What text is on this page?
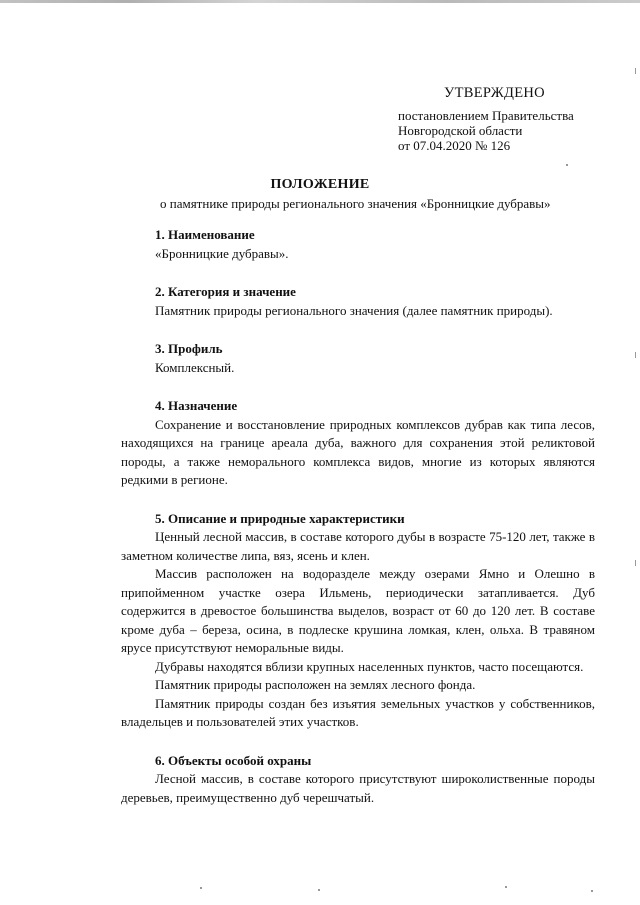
УТВЕРЖДЕНО
постановлением Правительства
Новгородской области
от 07.04.2020 № 126
ПОЛОЖЕНИЕ
о памятнике природы регионального значения «Бронницкие дубравы»
1. Наименование

«Бронницкие дубравы».

2. Категория и значение

Памятник природы регионального значения (далее памятник природы).

3. Профиль

Комплексный.

4. Назначение

Сохранение и восстановление природных комплексов дубрав как типа лесов, находящихся на границе ареала дуба, важного для сохранения этой реликтовой породы, а также неморального комплекса видов, многие из которых являются редкими в регионе.

5. Описание и природные характеристики

Ценный лесной массив, в составе которого дубы в возрасте 75-120 лет, также в заметном количестве липа, вяз, ясень и клен.

Массив расположен на водоразделе между озерами Ямно и Олешно в припойменном участке озера Ильмень, периодически затапливается. Дуб содержится в древостое большинства выделов, возраст от 60 до 120 лет. В составе кроме дуба – береза, осина, в подлеске крушина ломкая, клен, ольха. В травяном ярусе присутствуют неморальные виды.

Дубравы находятся вблизи крупных населенных пунктов, часто посещаются.

Памятник природы расположен на землях лесного фонда.

Памятник природы создан без изъятия земельных участков у собственников, владельцев и пользователей этих участков.

6. Объекты особой охраны

Лесной массив, в составе которого присутствуют широколиственные породы деревьев, преимущественно дуб черешчатый.
